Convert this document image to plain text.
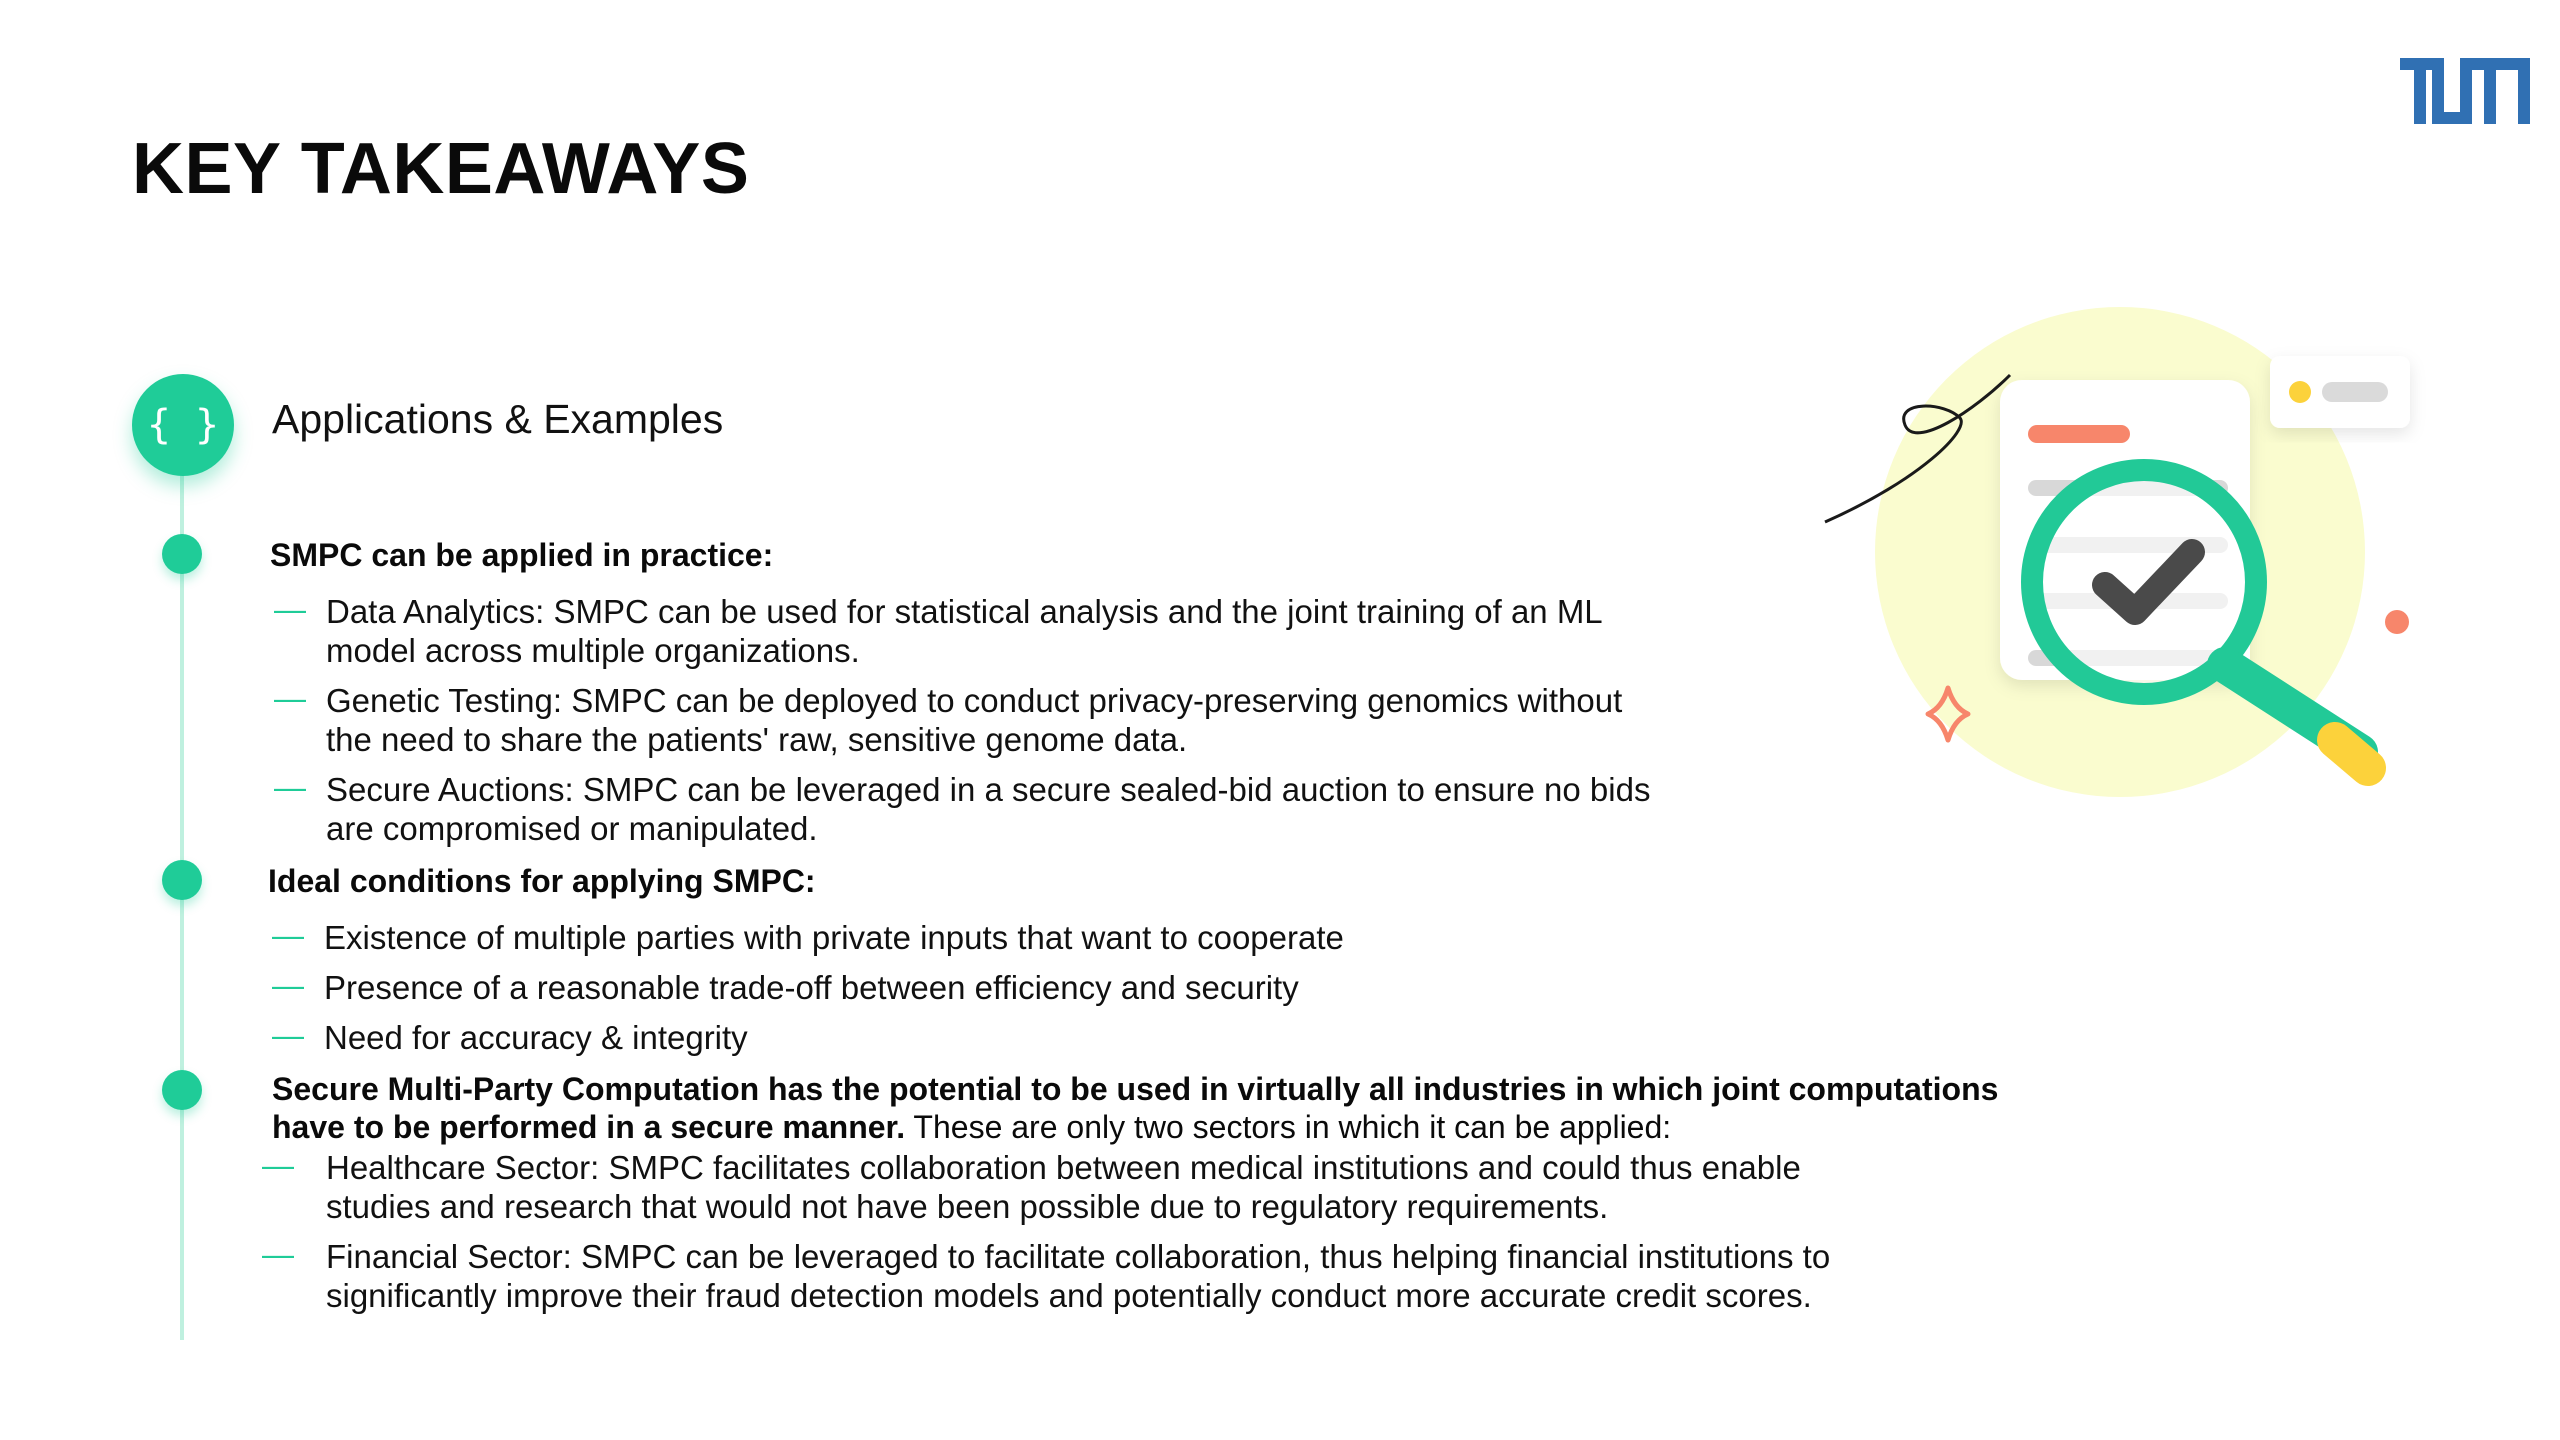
KEY TAKEAWAYS
{ } Applications & Examples

SMPC can be applied in practice:

— Data Analytics: SMPC can be used for statistical analysis and the joint training of an ML
model across multiple organizations.
— Genetic Testing: SMPC can be deployed to conduct privacy-preserving genomics without
the need to share the patients' raw, sensitive genome data.
— Secure Auctions: SMPC can be leveraged in a secure sealed-bid auction to ensure no bids
are compromised or manipulated.

Ideal conditions for applying SMPC:

— Existence of multiple parties with private inputs that want to cooperate
— Presence of a reasonable trade-off between efficiency and security
— Need for accuracy & integrity
Secure Multi-Party Computation has the potential to be used in virtually all industries in which joint computations
have to be performed in a secure manner. These are only two sectors in which it can be applied:
— Healthcare Sector: SMPC facilitates collaboration between medical institutions and could thus enable
studies and research that would not have been possible due to regulatory requirements.
— Financial Sector: SMPC can be leveraged to facilitate collaboration, thus helping financial institutions to
significantly improve their fraud detection models and potentially conduct more accurate credit scores.
